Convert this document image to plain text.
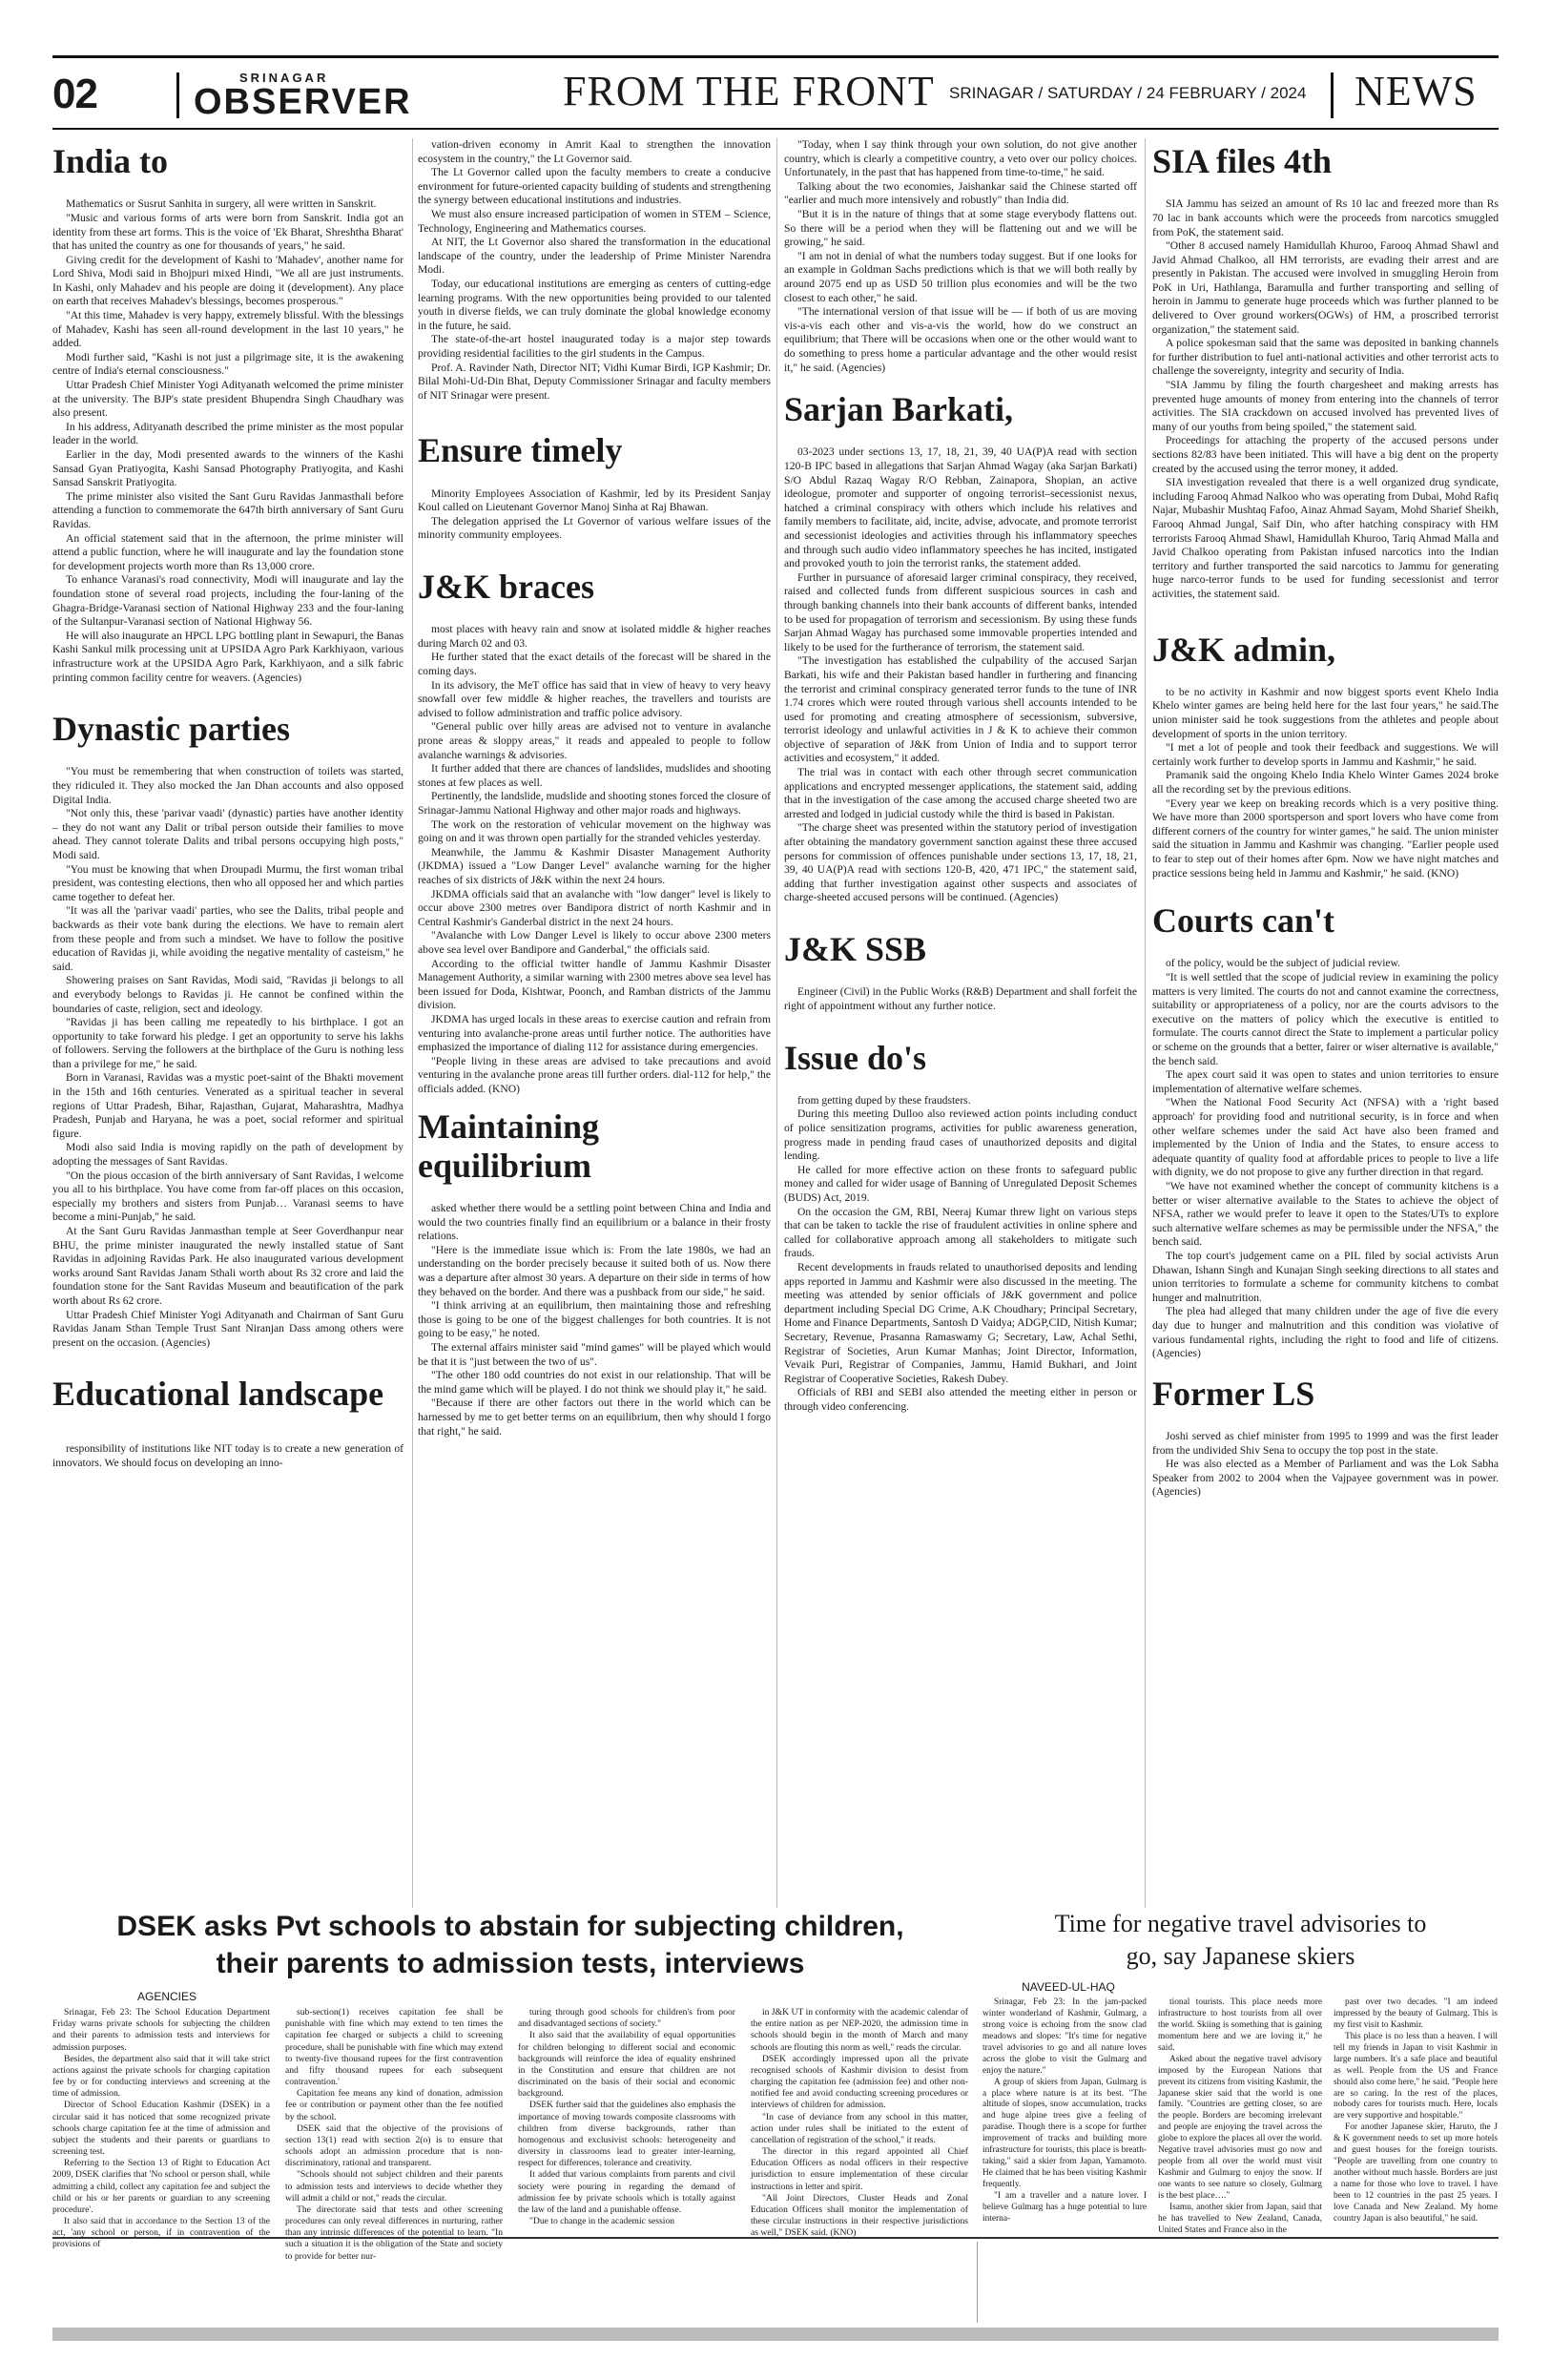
02	SRINAGAR
OBSERVER	FROM THE FRONT SRINAGAR / SATURDAY / 24 FEBRUARY / 2024 NEWS
India to

Mathematics or Susrut Sanhita in surgery, all were written in Sanskrit.

"Music and various forms of arts were born from Sanskrit. India got an identity from these art forms. This is the voice of 'Ek Bharat, Shreshtha Bharat' that has united the country as one for thousands of years," he said.

Giving credit for the development of Kashi to 'Mahadev', another name for Lord Shiva, Modi said in Bhojpuri mixed Hindi, "We all are just instruments. In Kashi, only Mahadev and his people are doing it (development). Any place on earth that receives Mahadev's blessings, becomes prosperous."

"At this time, Mahadev is very happy, extremely blissful. With the blessings of Mahadev, Kashi has seen all-round development in the last 10 years," he added.

Modi further said, "Kashi is not just a pilgrimage site, it is the awakening centre of India's eternal consciousness."

Uttar Pradesh Chief Minister Yogi Adityanath welcomed the prime minister at the university. The BJP's state president Bhupendra Singh Chaudhary was also present.

In his address, Adityanath described the prime minister as the most popular leader in the world.

Earlier in the day, Modi presented awards to the winners of the Kashi Sansad Gyan Pratiyogita, Kashi Sansad Photography Pratiyogita, and Kashi Sansad Sanskrit Pratiyogita.

The prime minister also visited the Sant Guru Ravidas Janmasthali before attending a function to commemorate the 647th birth anniversary of Sant Guru Ravidas.

An official statement said that in the afternoon, the prime minister will attend a public function, where he will inaugurate and lay the foundation stone for development projects worth more than Rs 13,000 crore.

To enhance Varanasi's road connectivity, Modi will inaugurate and lay the foundation stone of several road projects, including the four-laning of the Ghagra-Bridge-Varanasi section of National Highway 233 and the four-laning of the Sultanpur-Varanasi section of National Highway 56.

He will also inaugurate an HPCL LPG bottling plant in Sewapuri, the Banas Kashi Sankul milk processing unit at UPSIDA Agro Park Karkhiyaon, various infrastructure work at the UPSIDA Agro Park, Karkhiyaon, and a silk fabric printing common facility centre for weavers. (Agencies)

Dynastic parties

"You must be remembering that when construction of toilets was started, they ridiculed it. They also mocked the Jan Dhan accounts and also opposed Digital India.

"Not only this, these 'parivar vaadi' (dynastic) parties have another identity – they do not want any Dalit or tribal person outside their families to move ahead. They cannot tolerate Dalits and tribal persons occupying high posts," Modi said.

"You must be knowing that when Droupadi Murmu, the first woman tribal president, was contesting elections, then who all opposed her and which parties came together to defeat her.

"It was all the 'parivar vaadi' parties, who see the Dalits, tribal people and backwards as their vote bank during the elections. We have to remain alert from these people and from such a mindset. We have to follow the positive education of Ravidas ji, while avoiding the negative mentality of casteism," he said.

Showering praises on Sant Ravidas, Modi said, "Ravidas ji belongs to all and everybody belongs to Ravidas ji. He cannot be confined within the boundaries of caste, religion, sect and ideology.

"Ravidas ji has been calling me repeatedly to his birthplace. I got an opportunity to take forward his pledge. I get an opportunity to serve his lakhs of followers. Serving the followers at the birthplace of the Guru is nothing less than a privilege for me," he said.

Born in Varanasi, Ravidas was a mystic poet-saint of the Bhakti movement in the 15th and 16th centuries. Venerated as a spiritual teacher in several regions of Uttar Pradesh, Bihar, Rajasthan, Gujarat, Maharashtra, Madhya Pradesh, Punjab and Haryana, he was a poet, social reformer and spiritual figure.

Modi also said India is moving rapidly on the path of development by adopting the messages of Sant Ravidas.

"On the pious occasion of the birth anniversary of Sant Ravidas, I welcome you all to his birthplace. You have come from far-off places on this occasion, especially my brothers and sisters from Punjab… Varanasi seems to have become a mini-Punjab," he said.

At the Sant Guru Ravidas Janmasthan temple at Seer Goverdhanpur near BHU, the prime minister inaugurated the newly installed statue of Sant Ravidas in adjoining Ravidas Park. He also inaugurated various development works around Sant Ravidas Janam Sthali worth about Rs 32 crore and laid the foundation stone for the Sant Ravidas Museum and beautification of the park worth about Rs 62 crore.

Uttar Pradesh Chief Minister Yogi Adityanath and Chairman of Sant Guru Ravidas Janam Sthan Temple Trust Sant Niranjan Dass among others were present on the occasion. (Agencies)

Educational landscape

responsibility of institutions like NIT today is to create a new generation of innovators. We should focus on developing an inno-

vation-driven economy in Amrit Kaal to strengthen the innovation ecosystem in the country," the Lt Governor said.

The Lt Governor called upon the faculty members to create a conducive environment for future-oriented capacity building of students and strengthening the synergy between educational institutions and industries.

We must also ensure increased participation of women in STEM – Science, Technology, Engineering and Mathematics courses.

At NIT, the Lt Governor also shared the transformation in the educational landscape of the country, under the leadership of Prime Minister Narendra Modi.

Today, our educational institutions are emerging as centers of cutting-edge learning programs. With the new opportunities being provided to our talented youth in diverse fields, we can truly dominate the global knowledge economy in the future, he said.

The state-of-the-art hostel inaugurated today is a major step towards providing residential facilities to the girl students in the Campus.

Prof. A. Ravinder Nath, Director NIT; Vidhi Kumar Birdi, IGP Kashmir; Dr. Bilal Mohi-Ud-Din Bhat, Deputy Commissioner Srinagar and faculty members of NIT Srinagar were present.

Ensure timely

Minority Employees Association of Kashmir, led by its President Sanjay Koul called on Lieutenant Governor Manoj Sinha at Raj Bhawan.

The delegation apprised the Lt Governor of various welfare issues of the minority community employees.

J&K braces

most places with heavy rain and snow at isolated middle & higher reaches during March 02 and 03.

He further stated that the exact details of the forecast will be shared in the coming days.

In its advisory, the MeT office has said that in view of heavy to very heavy snowfall over few middle & higher reaches, the travellers and tourists are advised to follow administration and traffic police advisory.

"General public over hilly areas are advised not to venture in avalanche prone areas & sloppy areas," it reads and appealed to people to follow avalanche warnings & advisories.

It further added that there are chances of landslides, mudslides and shooting stones at few places as well.

Pertinently, the landslide, mudslide and shooting stones forced the closure of Srinagar-Jammu National Highway and other major roads and highways.

The work on the restoration of vehicular movement on the highway was going on and it was thrown open partially for the stranded vehicles yesterday.

Meanwhile, the Jammu & Kashmir Disaster Management Authority (JKDMA) issued a "Low Danger Level" avalanche warning for the higher reaches of six districts of J&K within the next 24 hours.

JKDMA officials said that an avalanche with "low danger" level is likely to occur above 2300 metres over Bandipora district of north Kashmir and in Central Kashmir's Ganderbal district in the next 24 hours.

"Avalanche with Low Danger Level is likely to occur above 2300 meters above sea level over Bandipore and Ganderbal," the officials said.

According to the official twitter handle of Jammu Kashmir Disaster Management Authority, a similar warning with 2300 metres above sea level has been issued for Doda, Kishtwar, Poonch, and Ramban districts of the Jammu division.

JKDMA has urged locals in these areas to exercise caution and refrain from venturing into avalanche-prone areas until further notice. The authorities have emphasized the importance of dialing 112 for assistance during emergencies.

"People living in these areas are advised to take precautions and avoid venturing in the avalanche prone areas till further orders. dial-112 for help," the officials added. (KNO)

Maintaining equilibrium

asked whether there would be a settling point between China and India and would the two countries finally find an equilibrium or a balance in their frosty relations.

"Here is the immediate issue which is: From the late 1980s, we had an understanding on the border precisely because it suited both of us. Now there was a departure after almost 30 years. A departure on their side in terms of how they behaved on the border. And there was a pushback from our side," he said.

"I think arriving at an equilibrium, then maintaining those and refreshing those is going to be one of the biggest challenges for both countries. It is not going to be easy," he noted.

The external affairs minister said "mind games" will be played which would be that it is "just between the two of us".

"The other 180 odd countries do not exist in our relationship. That will be the mind game which will be played. I do not think we should play it," he said.

"Because if there are other factors out there in the world which can be harnessed by me to get better terms on an equilibrium, then why should I forgo that right," he said.

"Today, when I say think through your own solution, do not give another country, which is clearly a competitive country, a veto over our policy choices. Unfortunately, in the past that has happened from time-to-time," he said.

Talking about the two economies, Jaishankar said the Chinese started off "earlier and much more intensively and robustly" than India did.

"But it is in the nature of things that at some stage everybody flattens out. So there will be a period when they will be flattening out and we will be growing," he said.

"I am not in denial of what the numbers today suggest. But if one looks for an example in Goldman Sachs predictions which is that we will both really by around 2075 end up as USD 50 trillion plus economies and will be the two closest to each other," he said.

"The international version of that issue will be — if both of us are moving vis-a-vis each other and vis-a-vis the world, how do we construct an equilibrium; that There will be occasions when one or the other would want to do something to press home a particular advantage and the other would resist it," he said. (Agencies)

Sarjan Barkati,

03-2023 under sections 13, 17, 18, 21, 39, 40 UA(P)A read with section 120-B IPC based in allegations that Sarjan Ahmad Wagay (aka Sarjan Barkati) S/O Abdul Razaq Wagay R/O Rebban, Zainapora, Shopian, an active ideologue, promoter and supporter of ongoing terrorist–secessionist nexus, hatched a criminal conspiracy with others which include his relatives and family members to facilitate, aid, incite, advise, advocate, and promote terrorist and secessionist ideologies and activities through his inflammatory speeches and through such audio video inflammatory speeches he has incited, instigated and provoked youth to join the terrorist ranks, the statement added.

Further in pursuance of aforesaid larger criminal conspiracy, they received, raised and collected funds from different suspicious sources in cash and through banking channels into their bank accounts of different banks, intended to be used for propagation of terrorism and secessionism. By using these funds Sarjan Ahmad Wagay has purchased some immovable properties intended and likely to be used for the furtherance of terrorism, the statement said.

"The investigation has established the culpability of the accused Sarjan Barkati, his wife and their Pakistan based handler in furthering and financing the terrorist and criminal conspiracy generated terror funds to the tune of INR 1.74 crores which were routed through various shell accounts intended to be used for promoting and creating atmosphere of secessionism, subversive, terrorist ideology and unlawful activities in J & K to achieve their common objective of separation of J&K from Union of India and to support terror activities and ecosystem," it added.

The trial was in contact with each other through secret communication applications and encrypted messenger applications, the statement said, adding that in the investigation of the case among the accused charge sheeted two are arrested and lodged in judicial custody while the third is based in Pakistan.

"The charge sheet was presented within the statutory period of investigation after obtaining the mandatory government sanction against these three accused persons for commission of offences punishable under sections 13, 17, 18, 21, 39, 40 UA(P)A read with sections 120-B, 420, 471 IPC," the statement said, adding that further investigation against other suspects and associates of charge-sheeted accused persons will be continued. (Agencies)

J&K SSB

Engineer (Civil) in the Public Works (R&B) Department and shall forfeit the right of appointment without any further notice.

Issue do's

from getting duped by these fraudsters.

During this meeting Dulloo also reviewed action points including conduct of police sensitization programs, activities for public awareness generation, progress made in pending fraud cases of unauthorized deposits and digital lending.

He called for more effective action on these fronts to safeguard public money and called for wider usage of Banning of Unregulated Deposit Schemes (BUDS) Act, 2019.

On the occasion the GM, RBI, Neeraj Kumar threw light on various steps that can be taken to tackle the rise of fraudulent activities in online sphere and called for collaborative approach among all stakeholders to mitigate such frauds.

Recent developments in frauds related to unauthorised deposits and lending apps reported in Jammu and Kashmir were also discussed in the meeting. The meeting was attended by senior officials of J&K government and police department including Special DG Crime, A.K Choudhary; Principal Secretary, Home and Finance Departments, Santosh D Vaidya; ADGP,CID, Nitish Kumar; Secretary, Revenue, Prasanna Ramaswamy G; Secretary, Law, Achal Sethi, Registrar of Societies, Arun Kumar Manhas; Joint Director, Information, Vevaik Puri, Registrar of Companies, Jammu, Hamid Bukhari, and Joint Registrar of Cooperative Societies, Rakesh Dubey.

Officials of RBI and SEBI also attended the meeting either in person or through video conferencing.

SIA files 4th

SIA Jammu has seized an amount of Rs 10 lac and freezed more than Rs 70 lac in bank accounts which were the proceeds from narcotics smuggled from PoK, the statement said.

"Other 8 accused namely Hamidullah Khuroo, Farooq Ahmad Shawl and Javid Ahmad Chalkoo, all HM terrorists, are evading their arrest and are presently in Pakistan. The accused were involved in smuggling Heroin from PoK in Uri, Hathlanga, Baramulla and further transporting and selling of heroin in Jammu to generate huge proceeds which was further planned to be delivered to Over ground workers(OGWs) of HM, a proscribed terrorist organization," the statement said.

A police spokesman said that the same was deposited in banking channels for further distribution to fuel anti-national activities and other terrorist acts to challenge the sovereignty, integrity and security of India.

"SIA Jammu by filing the fourth chargesheet and making arrests has prevented huge amounts of money from entering into the channels of terror activities. The SIA crackdown on accused involved has prevented lives of many of our youths from being spoiled," the statement said.

Proceedings for attaching the property of the accused persons under sections 82/83 have been initiated. This will have a big dent on the property created by the accused using the terror money, it added.

SIA investigation revealed that there is a well organized drug syndicate, including Farooq Ahmad Nalkoo who was operating from Dubai, Mohd Rafiq Najar, Mubashir Mushtaq Fafoo, Ainaz Ahmad Sayam, Mohd Sharief Sheikh, Farooq Ahmad Jungal, Saif Din, who after hatching conspiracy with HM terrorists Farooq Ahmad Shawl, Hamidullah Khuroo, Tariq Ahmad Malla and Javid Chalkoo operating from Pakistan infused narcotics into the Indian territory and further transported the said narcotics to Jammu for generating huge narco-terror funds to be used for funding secessionist and terror activities, the statement said.

J&K admin,

to be no activity in Kashmir and now biggest sports event Khelo India Khelo winter games are being held here for the last four years," he said.The union minister said he took suggestions from the athletes and people about development of sports in the union territory.

"I met a lot of people and took their feedback and suggestions. We will certainly work further to develop sports in Jammu and Kashmir," he said.

Pramanik said the ongoing Khelo India Khelo Winter Games 2024 broke all the recording set by the previous editions.

"Every year we keep on breaking records which is a very positive thing. We have more than 2000 sportsperson and sport lovers who have come from different corners of the country for winter games," he said. The union minister said the situation in Jammu and Kashmir was changing. "Earlier people used to fear to step out of their homes after 6pm. Now we have night matches and practice sessions being held in Jammu and Kashmir," he said. (KNO)

Courts can't

of the policy, would be the subject of judicial review.

"It is well settled that the scope of judicial review in examining the policy matters is very limited. The courts do not and cannot examine the correctness, suitability or appropriateness of a policy, nor are the courts advisors to the executive on the matters of policy which the executive is entitled to formulate. The courts cannot direct the State to implement a particular policy or scheme on the grounds that a better, fairer or wiser alternative is available," the bench said.

The apex court said it was open to states and union territories to ensure implementation of alternative welfare schemes.

"When the National Food Security Act (NFSA) with a 'right based approach' for providing food and nutritional security, is in force and when other welfare schemes under the said Act have also been framed and implemented by the Union of India and the States, to ensure access to adequate quantity of quality food at affordable prices to people to live a life with dignity, we do not propose to give any further direction in that regard.

"We have not examined whether the concept of community kitchens is a better or wiser alternative available to the States to achieve the object of NFSA, rather we would prefer to leave it open to the States/UTs to explore such alternative welfare schemes as may be permissible under the NFSA," the bench said.

The top court's judgement came on a PIL filed by social activists Arun Dhawan, Ishann Singh and Kunajan Singh seeking directions to all states and union territories to formulate a scheme for community kitchens to combat hunger and malnutrition.

The plea had alleged that many children under the age of five die every day due to hunger and malnutrition and this condition was violative of various fundamental rights, including the right to food and life of citizens. (Agencies)

Former LS

Joshi served as chief minister from 1995 to 1999 and was the first leader from the undivided Shiv Sena to occupy the top post in the state.

He was also elected as a Member of Parliament and was the Lok Sabha Speaker from 2002 to 2004 when the Vajpayee government was in power. (Agencies)

DSEK asks Pvt schools to abstain for subjecting children,
their parents to admission tests, interviews
AGENCIES

Srinagar, Feb 23: The School Education Department Friday warns private schools for subjecting the children and their parents to admission tests and interviews for admission purposes.

Besides, the department also said that it will take strict actions against the private schools for charging capitation fee by or for conducting interviews and screening at the time of admission.

Director of School Education Kashmir (DSEK) in a circular said it has noticed that some recognized private schools charge capitation fee at the time of admission and subject the students and their parents or guardians to screening test.

Referring to the Section 13 of Right to Education Act 2009, DSEK clarifies that 'No school or person shall, while admitting a child, collect any capitation fee and subject the child or his or her parents or guardian to any screening procedure'.

It also said that in accordance to the Section 13 of the act, 'any school or person, if in contravention of the provisions of

sub-section(1) receives capitation fee shall be punishable with fine which may extend to ten times the capitation fee charged or subjects a child to screening procedure, shall be punishable with fine which may extend to twenty-five thousand rupees for the first contravention and fifty thousand rupees for each subsequent contravention.'

Capitation fee means any kind of donation, admission fee or contribution or payment other than the fee notified by the school.

DSEK said that the objective of the provisions of section 13(1) read with section 2(o) is to ensure that schools adopt an admission procedure that is non-discriminatory, rational and transparent.

"Schools should not subject children and their parents to admission tests and interviews to decide whether they will admit a child or not," reads the circular.

The directorate said that tests and other screening procedures can only reveal differences in nurturing, rather than any intrinsic differences of the potential to learn. "In such a situation it is the obligation of the State and society to provide for better nur-

turing through good schools for children's from poor and disadvantaged sections of society."

It also said that the availability of equal opportunities for children belonging to different social and economic backgrounds will reinforce the idea of equality enshrined in the Constitution and ensure that children are not discriminated on the basis of their social and economic background.

DSEK further said that the guidelines also emphasis the importance of moving towards composite classrooms with children from diverse backgrounds, rather than homogenous and exclusivist schools: heterogeneity and diversity in classrooms lead to greater inter-learning, respect for differences, tolerance and creativity.

It added that various complaints from parents and civil society were pouring in regarding the demand of admission fee by private schools which is totally against the law of the land and a punishable offense.

"Due to change in the academic session

in J&K UT in conformity with the academic calendar of the entire nation as per NEP-2020, the admission time in schools should begin in the month of March and many schools are flouting this norm as well," reads the circular.

DSEK accordingly impressed upon all the private recognised schools of Kashmir division to desist from charging the capitation fee (admission fee) and other non-notified fee and avoid conducting screening procedures or interviews of children for admission.

"In case of deviance from any school in this matter, action under rules shall be initiated to the extent of cancellation of registration of the school," it reads.

The director in this regard appointed all Chief Education Officers as nodal officers in their respective jurisdiction to ensure implementation of these circular instructions in letter and spirit.

"All Joint Directors, Cluster Heads and Zonal Education Officers shall monitor the implementation of these circular instructions in their respective jurisdictions as well," DSEK said. (KNO)

Time for negative travel advisories to
go, say Japanese skiers
NAVEED-UL-HAQ

Srinagar, Feb 23: In the jam-packed winter wonderland of Kashmir, Gulmarg, a strong voice is echoing from the snow clad meadows and slopes: "It's time for negative travel advisories to go and all nature loves across the globe to visit the Gulmarg and enjoy the nature."

A group of skiers from Japan, Gulmarg is a place where nature is at its best. "The altitude of slopes, snow accumulation, tracks and huge alpine trees give a feeling of paradise. Though there is a scope for further improvement of tracks and building more infrastructure for tourists, this place is breath-taking," said a skier from Japan, Yamamoto. He claimed that he has been visiting Kashmir frequently.

"I am a traveller and a nature lover. I believe Gulmarg has a huge potential to lure interna-

tional tourists. This place needs more infrastructure to host tourists from all over the world. Skiing is something that is gaining momentum here and we are loving it," he said.

Asked about the negative travel advisory imposed by the European Nations that prevent its citizens from visiting Kashmir, the Japanese skier said that the world is one family. "Countries are getting closer, so are the people. Borders are becoming irrelevant and people are enjoying the travel across the globe to explore the places all over the world. Negative travel advisories must go now and people from all over the world must visit Kashmir and Gulmarg to enjoy the snow. If one wants to see nature so closely, Gulmarg is the best place…."

Isamu, another skier from Japan, said that he has travelled to New Zealand, Canada, United States and France also in the

past over two decades. "I am indeed impressed by the beauty of Gulmarg. This is my first visit to Kashmir.

This place is no less than a heaven. I will tell my friends in Japan to visit Kashmir in large numbers. It's a safe place and beautiful as well. People from the US and France should also come here," he said. "People here are so caring. In the rest of the places, nobody cares for tourists much. Here, locals are very supportive and hospitable."

For another Japanese skier, Haruto, the J & K government needs to set up more hotels and guest houses for the foreign tourists. "People are travelling from one country to another without much hassle. Borders are just a name for those who love to travel. I have been to 12 countries in the past 25 years. I love Canada and New Zealand. My home country Japan is also beautiful," he said.
